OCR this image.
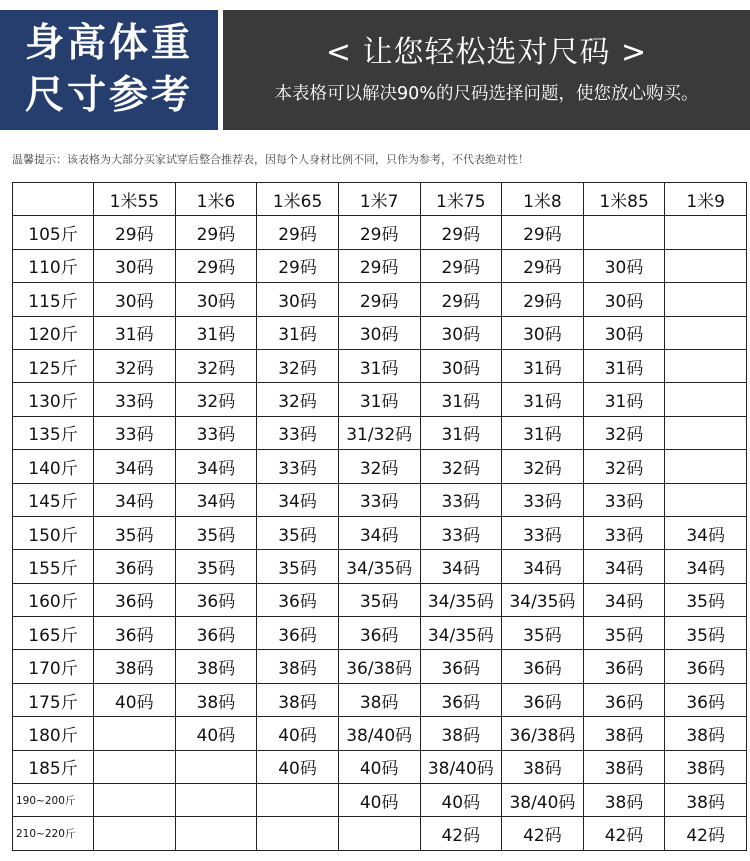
身高体重
尺寸参考
< 让您轻松选对尺码 >
本表格可以解决90%的尺码选择问题，使您放心购买。
温馨提示：该表格为大部分买家试穿后整合推荐表，因每个人身材比例不同，只作为参考，不代表绝对性！
	1米55	1米6	1米65	1米7	1米75	1米8	1米85	1米9
105斤	29码	29码	29码	29码	29码	29码		
110斤	30码	29码	29码	29码	29码	29码	30码	
115斤	30码	30码	30码	29码	29码	29码	30码	
120斤	31码	31码	31码	30码	30码	30码	30码	
125斤	32码	32码	32码	31码	30码	31码	31码	
130斤	33码	32码	32码	31码	31码	31码	31码	
135斤	33码	33码	33码	31/32码	31码	31码	32码	
140斤	34码	34码	33码	32码	32码	32码	32码	
145斤	34码	34码	34码	33码	33码	33码	33码	
150斤	35码	35码	35码	34码	33码	33码	33码	34码
155斤	36码	35码	35码	34/35码	34码	34码	34码	34码
160斤	36码	36码	36码	35码	34/35码	34/35码	34码	35码
165斤	36码	36码	36码	36码	34/35码	35码	35码	35码
170斤	38码	38码	38码	36/38码	36码	36码	36码	36码
175斤	40码	38码	38码	38码	36码	36码	36码	36码
180斤		40码	40码	38/40码	38码	36/38码	38码	38码
185斤			40码	40码	38/40码	38码	38码	38码
190~200斤				40码	40码	38/40码	38码	38码
210~220斤					42码	42码	42码	42码
